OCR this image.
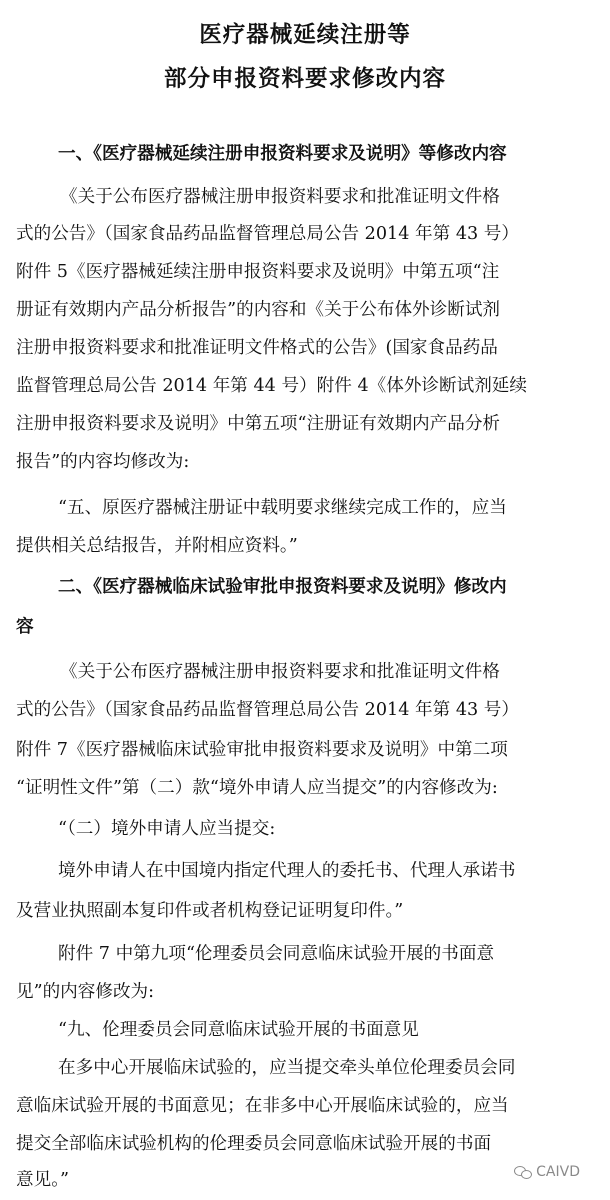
医疗器械延续注册等
部分申报资料要求修改内容
一、《医疗器械延续注册申报资料要求及说明》等修改内容
《关于公布医疗器械注册申报资料要求和批准证明文件格
式的公告》（国家食品药品监督管理总局公告 2014 年第 43 号）
附件 5《医疗器械延续注册申报资料要求及说明》中第五项“注
册证有效期内产品分析报告”的内容和《关于公布体外诊断试剂
注册申报资料要求和批准证明文件格式的公告》(国家食品药品
监督管理总局公告 2014 年第 44 号）附件 4《体外诊断试剂延续
注册申报资料要求及说明》中第五项“注册证有效期内产品分析
报告”的内容均修改为:
“五、原医疗器械注册证中载明要求继续完成工作的，应当
提供相关总结报告，并附相应资料。”
二、《医疗器械临床试验审批申报资料要求及说明》修改内
容
《关于公布医疗器械注册申报资料要求和批准证明文件格
式的公告》（国家食品药品监督管理总局公告 2014 年第 43 号）
附件 7《医疗器械临床试验审批申报资料要求及说明》中第二项
“证明性文件”第（二）款“境外申请人应当提交”的内容修改为:
“（二）境外申请人应当提交:
境外申请人在中国境内指定代理人的委托书、代理人承诺书
及营业执照副本复印件或者机构登记证明复印件。”
附件 7 中第九项“伦理委员会同意临床试验开展的书面意
见”的内容修改为:
“九、伦理委员会同意临床试验开展的书面意见
在多中心开展临床试验的，应当提交牵头单位伦理委员会同
意临床试验开展的书面意见；在非多中心开展临床试验的，应当
提交全部临床试验机构的伦理委员会同意临床试验开展的书面
意见。”	CAIVD
